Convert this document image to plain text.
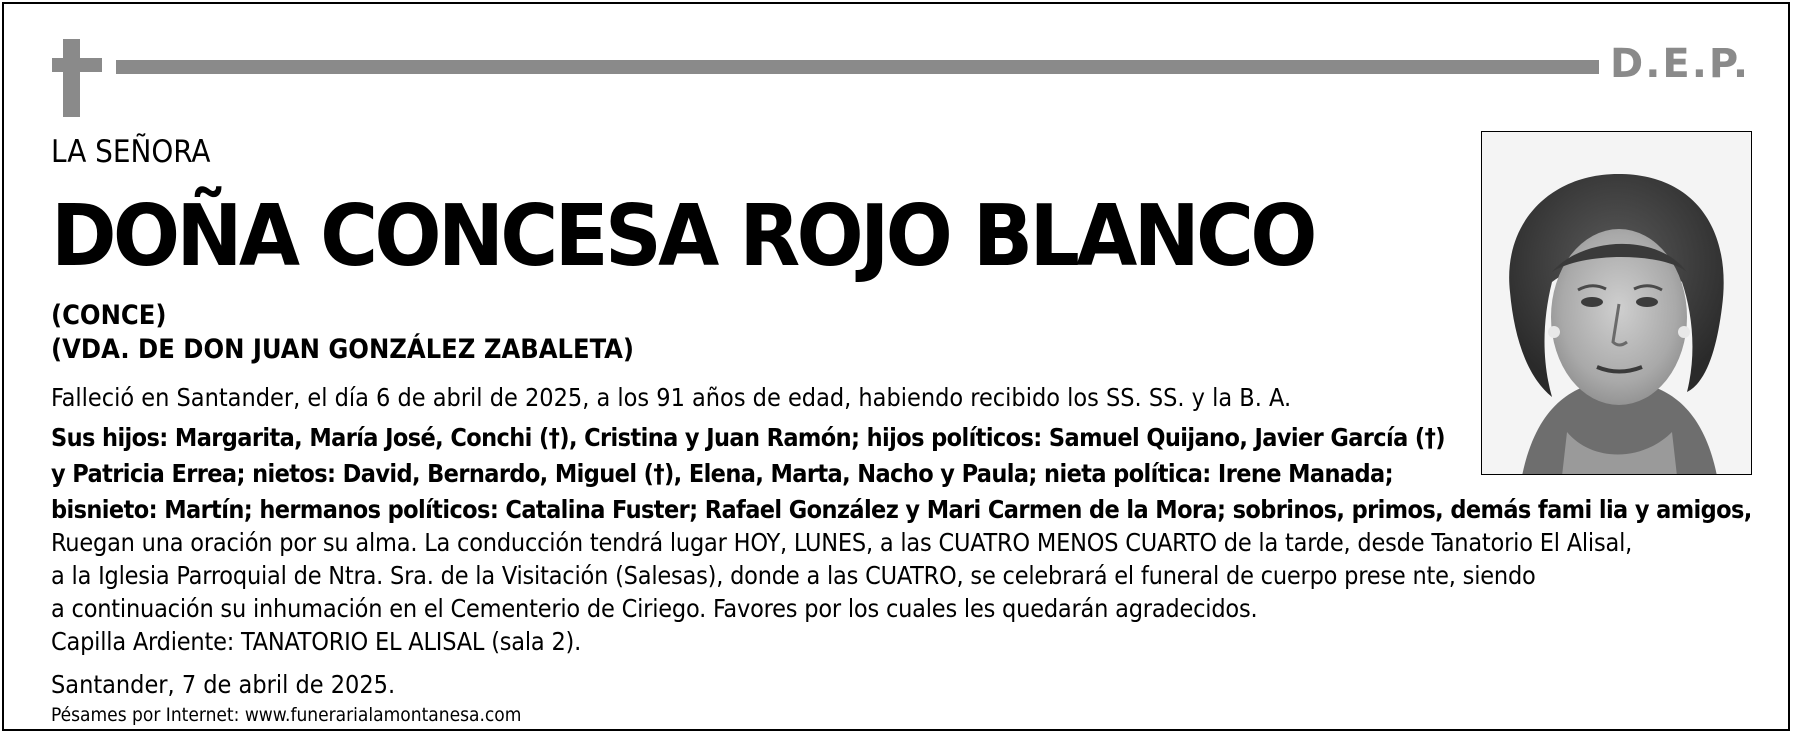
D.E.P.
LA SEÑORA
DOÑA CONCESA ROJO BLANCO
(CONCE)
(VDA. DE DON JUAN GONZÁLEZ ZABALETA)
Falleció en Santander, el día 6 de abril de 2025, a los 91 años de edad, habiendo recibido los SS. SS. y la B. A.
Sus hijos: Margarita, María José, Conchi (†), Cristina y Juan Ramón; hijos políticos: Samuel Quijano, Javier García (†)
y Patricia Errea; nietos: David, Bernardo, Miguel (†), Elena, Marta, Nacho y Paula; nieta política: Irene Manada;
bisnieto: Martín; hermanos políticos: Catalina Fuster; Rafael González y Mari Carmen de la Mora; sobrinos, primos, demás fami lia y amigos,
Ruegan una oración por su alma. La conducción tendrá lugar HOY, LUNES, a las CUATRO MENOS CUARTO de la tarde, desde Tanatorio El Alisal,
a la Iglesia Parroquial de Ntra. Sra. de la Visitación (Salesas), donde a las CUATRO, se celebrará el funeral de cuerpo prese nte, siendo
a continuación su inhumación en el Cementerio de Ciriego. Favores por los cuales les quedarán agradecidos.
Capilla Ardiente: TANATORIO EL ALISAL (sala 2).
Santander, 7 de abril de 2025.
Pésames por Internet: www.funerarialamontanesa.com
